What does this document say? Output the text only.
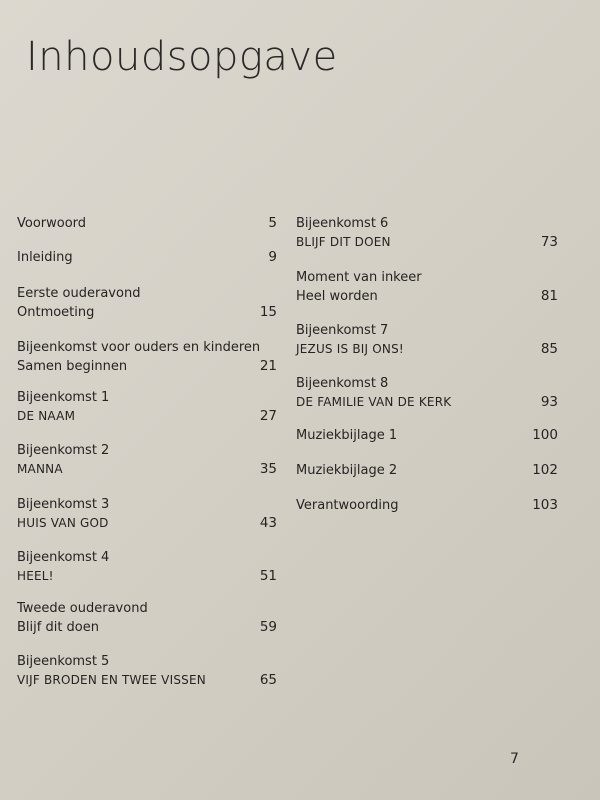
Inhoudsopgave
Voorwoord	5
Inleiding	9
Eerste ouderavond
Ontmoeting	15
Bijeenkomst voor ouders en kinderen
Samen beginnen	21
Bijeenkomst 1
DE NAAM	27
Bijeenkomst 2
MANNA	35
Bijeenkomst 3
HUIS VAN GOD	43
Bijeenkomst 4
HEEL!	51
Tweede ouderavond
Blijf dit doen	59
Bijeenkomst 5
VIJF BRODEN EN TWEE VISSEN	65
Bijeenkomst 6
BLIJF DIT DOEN	73
Moment van inkeer
Heel worden	81
Bijeenkomst 7
JEZUS IS BIJ ONS!	85
Bijeenkomst 8
DE FAMILIE VAN DE KERK	93
Muziekbijlage 1	100
Muziekbijlage 2	102
Verantwoording	103
7
